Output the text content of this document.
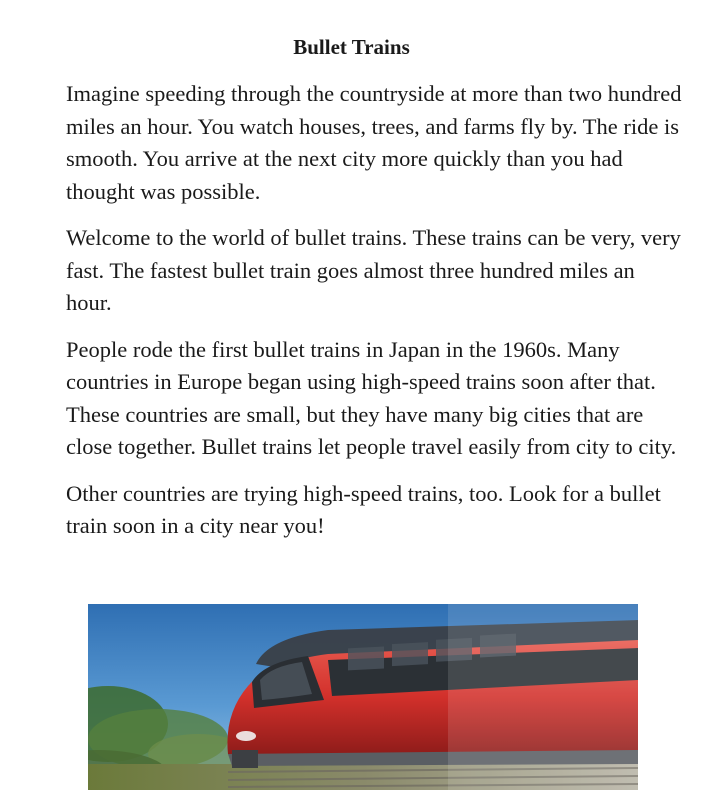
Bullet Trains

Imagine speeding through the countryside at more than two hundred miles an hour. You watch houses, trees, and farms fly by. The ride is smooth. You arrive at the next city more quickly than you had thought was possible.

Welcome to the world of bullet trains. These trains can be very, very fast. The fastest bullet train goes almost three hundred miles an hour.

People rode the first bullet trains in Japan in the 1960s. Many countries in Europe began using high-speed trains soon after that. These countries are small, but they have many big cities that are close together. Bullet trains let people travel easily from city to city.

Other countries are trying high-speed trains, too. Look for a bullet train soon in a city near you!
